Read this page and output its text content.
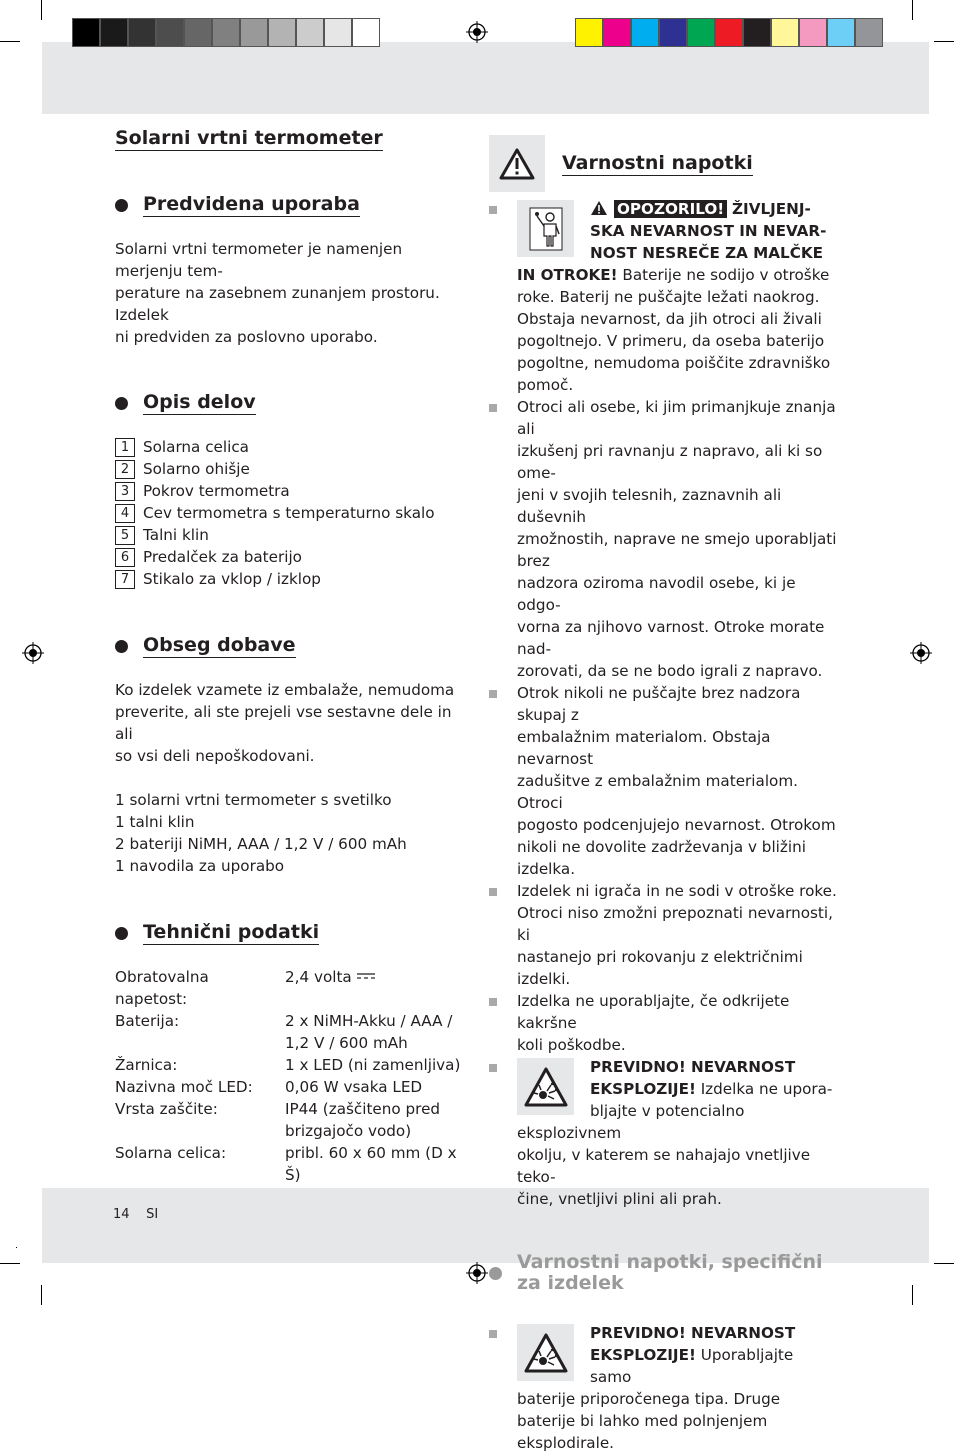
Solarni vrtni termometer
Predvidena uporaba

Solarni vrtni termometer je namenjen merjenju tem-
perature na zasebnem zunanjem prostoru. Izdelek
ni predviden za poslovno uporabo.

Opis delov
1 Solarna celica
2 Solarno ohišje
3 Pokrov termometra
4 Cev termometra s temperaturno skalo
5 Talni klin
6 Predalček za baterijo
7 Stikalo za vklop / izklop
Obseg dobave

Ko izdelek vzamete iz embalaže, nemudoma
preverite, ali ste prejeli vse sestavne dele in ali
so vsi deli nepoškodovani.

1 solarni vrtni termometer s svetilko
1 talni klin
2 bateriji NiMH, AAA / 1,2 V / 600 mAh
1 navodila za uporabo
Tehnični podatki
Obratovalna napetost:
2,4 volta
Baterija:	2 x NiMH-Akku / AAA /
1,2 V / 600 mAh
Žarnica:	1 x LED (ni zamenljiva)
Nazivna moč LED:	0,06 W vsaka LED
Vrsta zaščite:	IP44 (zaščiteno pred
brizgajočo vodo)
Solarna celica:	pribl. 60 x 60 mm (D x Š)
Varnostni napotki

OPOZORILO! ŽIVLJENJ-
SKA NEVARNOST IN NEVAR-
NOST NESREČE ZA MALČKE
IN OTROKE! Baterije ne sodijo v otroške
roke. Baterij ne puščajte ležati naokrog.
Obstaja nevarnost, da jih otroci ali živali
pogoltnejo. V primeru, da oseba baterijo
pogoltne, nemudoma poiščite zdravniško
pomoč.

Otroci ali osebe, ki jim primanjkuje znanja ali
izkušenj pri ravnanju z napravo, ali ki so ome-
jeni v svojih telesnih, zaznavnih ali duševnih
zmožnostih, naprave ne smejo uporabljati brez
nadzora oziroma navodil osebe, ki je odgo-
vorna za njihovo varnost. Otroke morate nad-
zorovati, da se ne bodo igrali z napravo.

Otrok nikoli ne puščajte brez nadzora skupaj z
embalažnim materialom. Obstaja nevarnost
zadušitve z embalažnim materialom. Otroci
pogosto podcenjujejo nevarnost. Otrokom
nikoli ne dovolite zadrževanja v bližini izdelka.

Izdelek ni igrača in ne sodi v otroške roke.
Otroci niso zmožni prepoznati nevarnosti, ki
nastanejo pri rokovanju z električnimi izdelki.

Izdelka ne uporabljajte, če odkrijete kakršne
koli poškodbe.

PREVIDNO! NEVARNOST
EKSPLOZIJE! Izdelka ne upora-
bljajte v potencialno eksplozivnem
okolju, v katerem se nahajajo vnetljive teko-
čine, vnetljivi plini ali prah.

Varnostni napotki, specifični
za izdelek

PREVIDNO! NEVARNOST
EKSPLOZIJE! Uporabljajte samo
baterije priporočenega tipa. Druge
baterije bi lahko med polnjenjem eksplodirale.

14 SI
